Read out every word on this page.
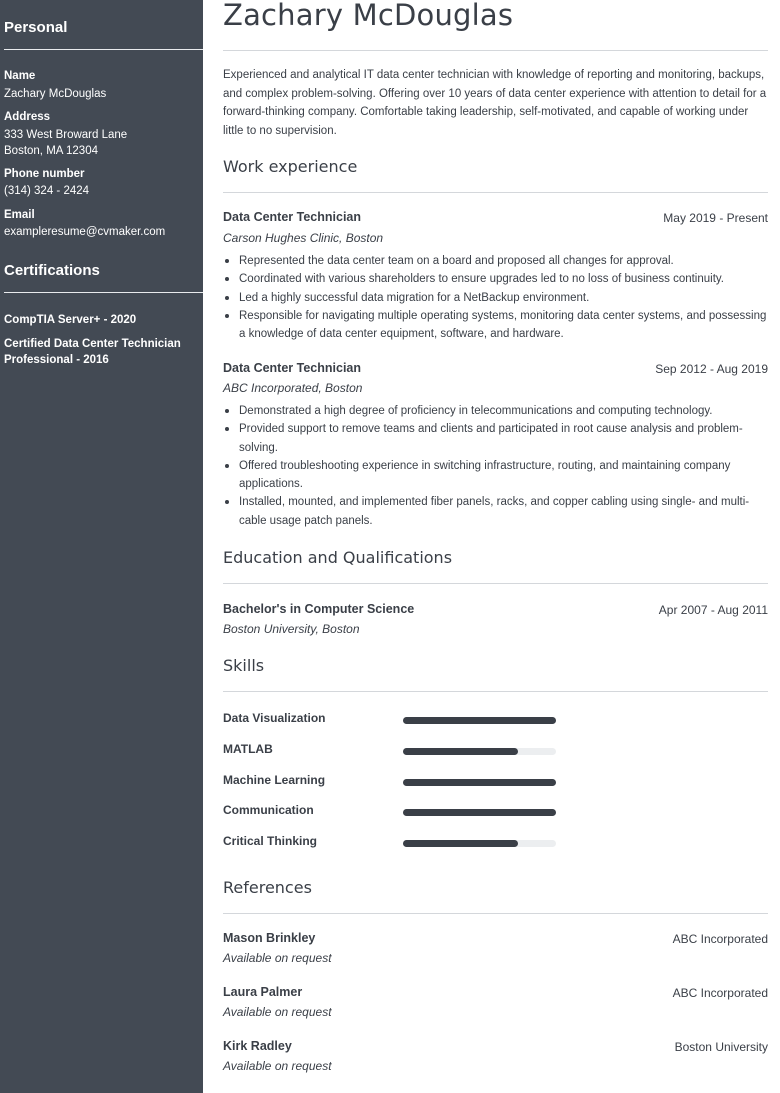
Personal
Name
Zachary McDouglas
Address
333 West Broward Lane
Boston, MA 12304
Phone number
(314) 324 - 2424
Email
exampleresume@cvmaker.com
Certifications
CompTIA Server+ - 2020
Certified Data Center Technician Professional - 2016
Zachary McDouglas
Experienced and analytical IT data center technician with knowledge of reporting and monitoring, backups, and complex problem-solving. Offering over 10 years of data center experience with attention to detail for a forward-thinking company. Comfortable taking leadership, self-motivated, and capable of working under little to no supervision.
Work experience
Data Center Technician	May 2019 - Present
Carson Hughes Clinic, Boston
Represented the data center team on a board and proposed all changes for approval.
Coordinated with various shareholders to ensure upgrades led to no loss of business continuity.
Led a highly successful data migration for a NetBackup environment.
Responsible for navigating multiple operating systems, monitoring data center systems, and possessing a knowledge of data center equipment, software, and hardware.
Data Center Technician	Sep 2012 - Aug 2019
ABC Incorporated, Boston
Demonstrated a high degree of proficiency in telecommunications and computing technology.
Provided support to remove teams and clients and participated in root cause analysis and problem-solving.
Offered troubleshooting experience in switching infrastructure, routing, and maintaining company applications.
Installed, mounted, and implemented fiber panels, racks, and copper cabling using single- and multi-cable usage patch panels.
Education and Qualifications
Bachelor's in Computer Science	Apr 2007 - Aug 2011
Boston University, Boston
Skills
Data Visualization
MATLAB
Machine Learning
Communication
Critical Thinking
References
Mason Brinkley	ABC Incorporated
Available on request
Laura Palmer	ABC Incorporated
Available on request
Kirk Radley	Boston University
Available on request
